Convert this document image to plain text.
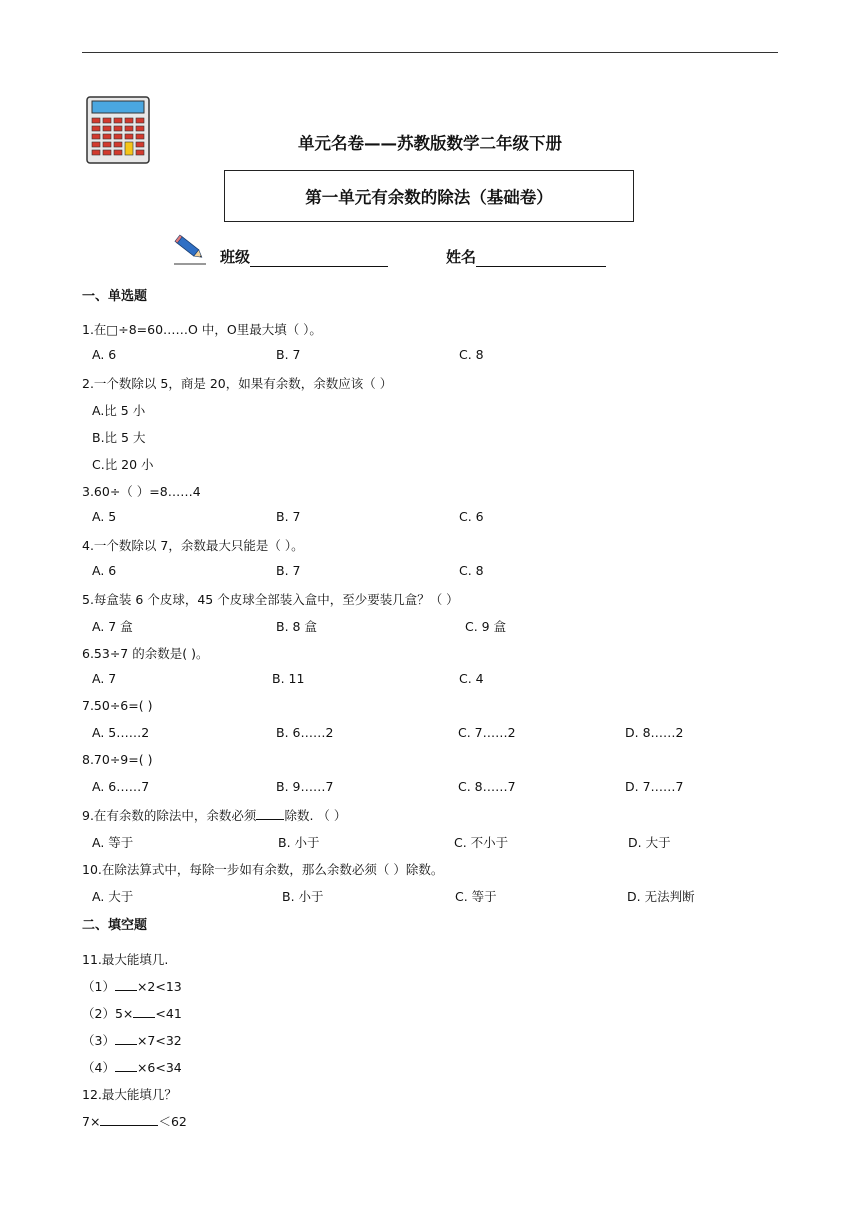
单元名卷——苏教版数学二年级下册
第一单元有余数的除法（基础卷）
班级	姓名
一、单选题
1.在□÷8=60……O 中，O里最大填（ ）。
A. 6	B. 7	C. 8
2.一个数除以 5，商是 20，如果有余数，余数应该（ ）
A.比 5 小
B.比 5 大
C.比 20 小
3.60÷（ ）=8……4
A. 5	B. 7	C. 6
4.一个数除以 7，余数最大只能是（ ）。
A. 6	B. 7	C. 8
5.每盒装 6 个皮球，45 个皮球全部装入盒中，至少要装几盒？（ ）
A. 7 盒	B. 8 盒	C. 9 盒
6.53÷7 的余数是( )。
A. 7	B. 11	C. 4
7.50÷6=( )
A. 5……2	B. 6……2	C. 7……2	D. 8……2
8.70÷9=( )
A. 6……7	B. 9……7	C. 8……7	D. 7……7
9.在有余数的除法中，余数必须 除数. （ ）
A. 等于	B. 小于	C. 不小于	D. 大于
10.在除法算式中，每除一步如有余数，那么余数必须（ ）除数。
A. 大于	B. 小于	C. 等于	D. 无法判断
二、填空题
11.最大能填几.
（1） ×2<13
（2）5× <41
（3） ×7<32
（4） ×6<34
12.最大能填几？
7×	＜62
